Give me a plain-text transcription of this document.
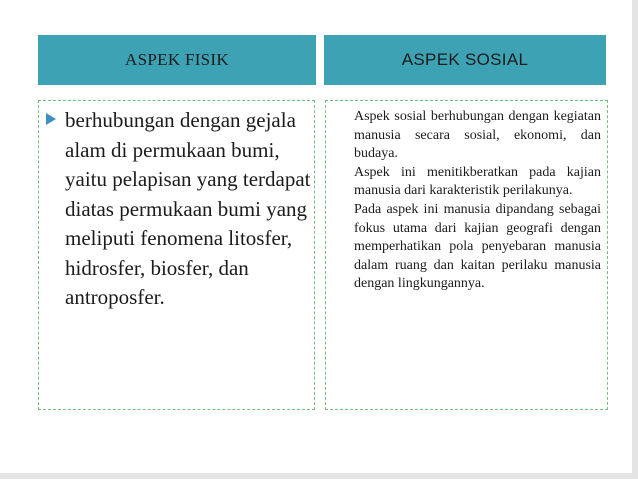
ASPEK FISIK	ASPEK SOSIAL

berhubungan dengan gejala alam di permukaan bumi, yaitu pelapisan yang terdapat diatas permukaan bumi yang meliputi fenomena litosfer, hidrosfer, biosfer, dan antroposfer.

Aspek sosial berhubungan dengan kegiatan manusia secara sosial, ekonomi, dan budaya.

Aspek ini menitikberatkan pada kajian manusia dari karakteristik perilakunya.

Pada aspek ini manusia dipandang sebagai fokus utama dari kajian geografi dengan memperhatikan pola penyebaran manusia dalam ruang dan kaitan perilaku manusia dengan lingkungannya.
